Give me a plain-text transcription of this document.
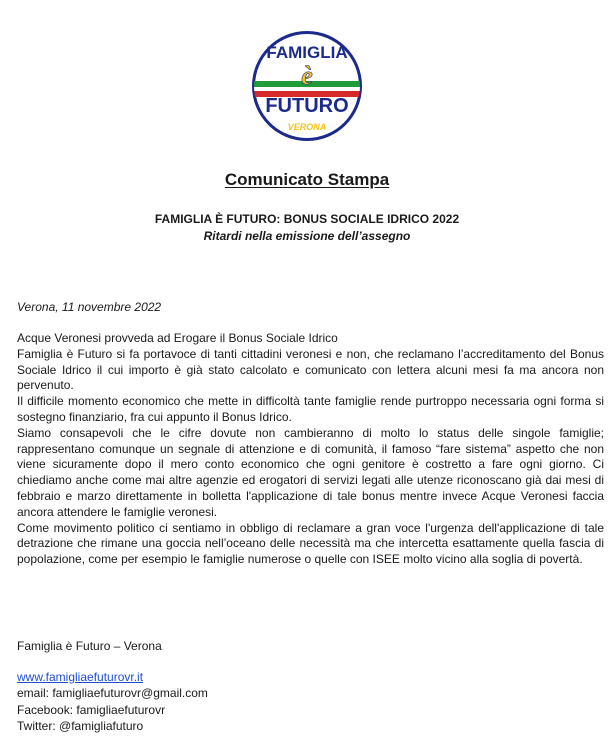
FAMIGLIA
è
FUTURO
VERONA
Comunicato Stampa
FAMIGLIA È FUTURO: BONUS SOCIALE IDRICO 2022
Ritardi nella emissione dell’assegno
Verona, 11 novembre 2022

Acque Veronesi provveda ad Erogare il Bonus Sociale Idrico

Famiglia è Futuro si fa portavoce di tanti cittadini veronesi e non, che reclamano l’accreditamento del Bonus Sociale Idrico il cui importo è già stato calcolato e comunicato con lettera alcuni mesi fa ma ancora non pervenuto.

Il difficile momento economico che mette in difficoltà tante famiglie rende purtroppo necessaria ogni forma si sostegno finanziario, fra cui appunto il Bonus Idrico.

Siamo consapevoli che le cifre dovute non cambieranno di molto lo status delle singole famiglie; rappresentano comunque un segnale di attenzione e di comunità, il famoso “fare sistema” aspetto che non viene sicuramente dopo il mero conto economico che ogni genitore è costretto a fare ogni giorno. Ci chiediamo anche come mai altre agenzie ed erogatori di servizi legati alle utenze riconoscano già dai mesi di febbraio e marzo direttamente in bolletta l'applicazione di tale bonus mentre invece Acque Veronesi faccia ancora attendere le famiglie veronesi.

Come movimento politico ci sentiamo in obbligo di reclamare a gran voce l'urgenza dell'applicazione di tale detrazione che rimane una goccia nell’oceano delle necessità ma che intercetta esattamente quella fascia di popolazione, come per esempio le famiglie numerose o quelle con ISEE molto vicino alla soglia di povertà.

Famiglia è Futuro – Verona
www.famigliaefuturovr.it
email: famigliaefuturovr@gmail.com
Facebook: famigliaefuturovr
Twitter: @famigliafuturo
